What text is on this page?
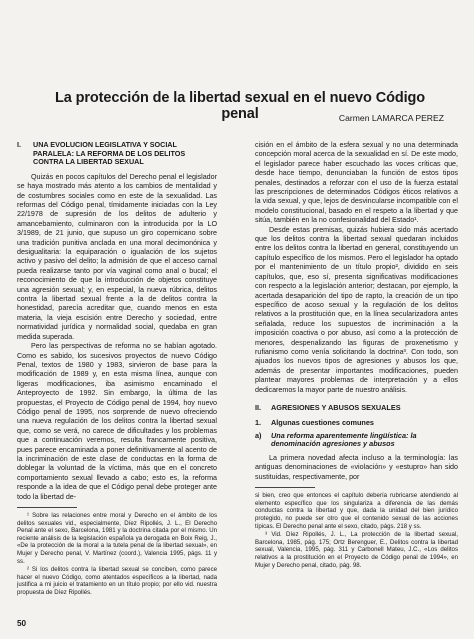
La protección de la libertad sexual en el nuevo Código penal	Carmen LAMARCA PEREZ
I.	UNA EVOLUCION LEGISLATIVA Y SOCIAL PARALELA: LA REFORMA DE LOS DELITOS CONTRA LA LIBERTAD SEXUAL

Quizás en pocos capítulos del Derecho penal el legislador se haya mostrado más atento a los cambios de mentalidad y de costumbres sociales como en este de la sexualidad. Las reformas del Código penal, tímidamente iniciadas con la Ley 22/1978 de supresión de los delitos de adulterio y amancebamiento, culminaron con la introducida por la LO 3/1989, de 21 junio, que supuso un giro copernicano sobre una tradición punitiva anclada en una moral decimonónica y desigualitaria: la equiparación o igualación de los sujetos activo y pasivo del delito; la admisión de que el acceso carnal pueda realizarse tanto por vía vaginal como anal o bucal; el reconocimiento de que la introducción de objetos constituye una agresión sexual; y, en especial, la nueva rúbrica, delitos contra la libertad sexual frente a la de delitos contra la honestidad, parecía acreditar que, cuando menos en esta materia, la vieja escisión entre Derecho y sociedad, entre normatividad jurídica y normalidad social, quedaba en gran medida superada.

Pero las perspectivas de reforma no se habían agotado. Como es sabido, los sucesivos proyectos de nuevo Código Penal, textos de 1980 y 1983, sirvieron de base para la modificación de 1989 y, en esta misma línea, aunque con ligeras modificaciones, iba asimismo encaminado el Anteproyecto de 1992. Sin embargo, la última de las propuestas, el Proyecto de Código penal de 1994, hoy nuevo Código penal de 1995, nos sorprende de nuevo ofreciendo una nueva regulación de los delitos contra la libertad sexual que, como se verá, no carece de dificultades y los problemas que a continuación veremos, resulta francamente positiva, pues parece encaminada a poner definitivamente al acento de la incriminación de este clase de conductas en la forma de doblegar la voluntad de la víctima, más que en el concreto comportamiento sexual llevado a cabo; esto es, la reforma responde a la idea de que el Código penal debe proteger ante todo la libertad de-

¹ Sobre las relaciones entre moral y Derecho en el ámbito de los delitos sexuales vid., especialmente, Díez Ripollés, J. L., El Derecho Penal ante el sexo, Barcelona, 1981 y la doctrina citada por el mismo. Un reciente análisis de la legislación española ya derogada en Boix Reig, J., «De la protección de la moral a la tutela penal de la libertad sexual», en Mujer y Derecho penal, V. Martínez (coord.), Valencia 1995, págs. 11 y ss.

² Si los delitos contra la libertad sexual se conciben, como parece hacer el nuevo Código, como atentados específicos a la libertad, nada justifica a mi juicio el tratamiento en un título propio; por ello vid. nuestra propuesta de Díez Ripollés.

cisión en el ámbito de la esfera sexual y no una determinada concepción moral acerca de la sexualidad en sí. De este modo, el legislador parece haber escuchado las voces críticas que, desde hace tiempo, denunciaban la función de estos tipos penales, destinados a reforzar con el uso de la fuerza estatal las prescripciones de determinados Códigos éticos relativos a la vida sexual, y que, lejos de desvincularse incompatible con el modelo constitucional, basado en el respeto a la libertad y que sitúa, también en la no confesionalidad del Estado¹.

Desde estas premisas, quizás hubiera sido más acertado que los delitos contra la libertad sexual quedaran incluidos entre los delitos contra la libertad en general, constituyendo un capítulo específico de los mismos. Pero el legislador ha optado por el mantenimiento de un título propio², dividido en seis capítulos, que, eso sí, presenta significativas modificaciones con respecto a la legislación anterior; destacan, por ejemplo, la acertada desaparición del tipo de rapto, la creación de un tipo específico de acoso sexual y la regulación de los delitos relativos a la prostitución que, en la línea secularizadora antes señalada, reduce los supuestos de incriminación a la imposición coactiva o por abuso, así como a la protección de menores, despenalizando las figuras de proxenetismo y rufianismo como venía solicitando la doctrina³. Con todo, son ajuados los nuevos tipos de agresiones y abusos los que, además de presentar importantes modificaciones, pueden plantear mayores problemas de interpretación y a ellos dedicaremos la mayor parte de nuestro análisis.

II.	AGRESIONES Y ABUSOS SEXUALES
1.	Algunas cuestiones comunes
a)	Una reforma aparentemente lingüística: la denominación agresiones y abusos

La primera novedad afecta incluso a la terminología: las antiguas denominaciones de «violación» y «estupro» han sido sustituidas, respectivamente, por

si bien, creo que entonces el capítulo debería rubricarse atendiendo al elemento específico que los singulariza a diferencia de las demás conductas contra la libertad y que, dada la unidad del bien jurídico protegido, no puede ser otro que el contenido sexual de las acciones típicas. El Derecho penal ante el sexo, citado, págs. 218 y ss.

³ Vid. Díez Ripollés, J. L., La protección de la libertad sexual, Barcelona, 1985, pág. 175; Ortz Berenguer, E., Delitos contra la libertad sexual, Valencia, 1995, pág. 311 y Carbonell Mateu, J.C., «Los delitos relativos a la prostitución en el Proyecto de Código penal de 1994», en Mujer y Derecho penal, citado, pág. 98.

50
